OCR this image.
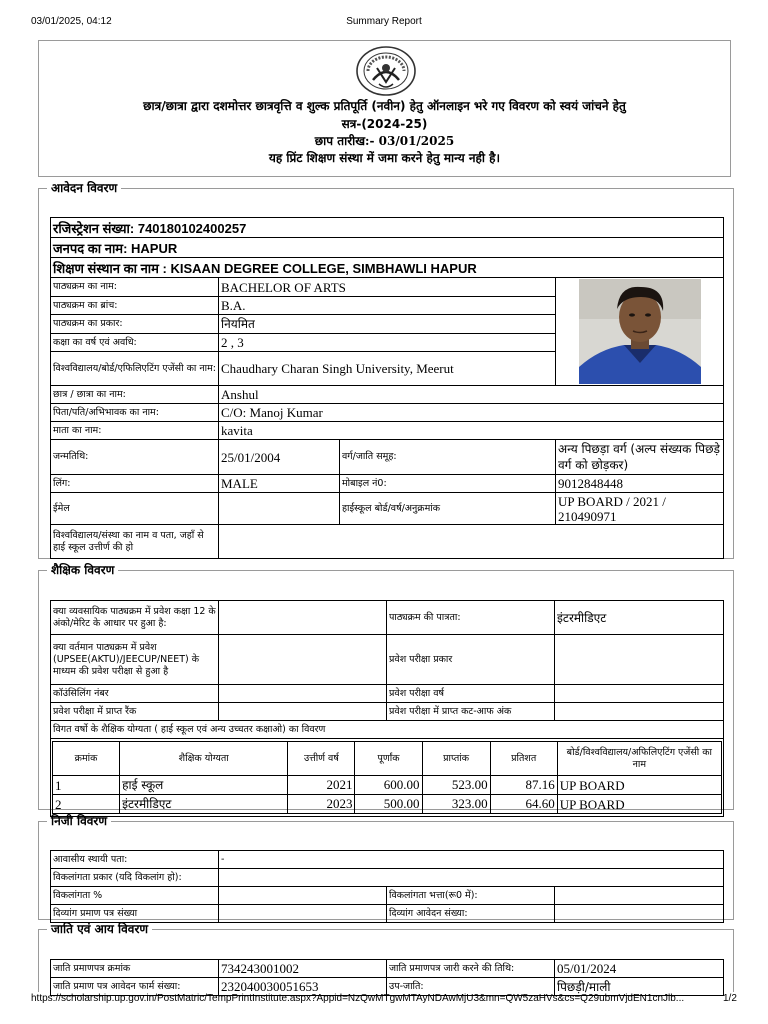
03/01/2025, 04:12	Summary Report
छात्र/छात्रा द्वारा दशमोत्तर छात्रवृत्ति व शुल्क प्रतिपूर्ति (नवीन) हेतु ऑनलाइन भरे गए विवरण को स्वयं जांचने हेतु
सत्र-(2024-25)
छाप तारीख:- 03/01/2025
यह प्रिंट शिक्षण संस्था में जमा करने हेतु मान्य नही है।
आवेदन विवरण
रजिस्ट्रेशन संख्या: 740180102400257			
जनपद का नाम: HAPUR			
शिक्षण संस्थान का नाम : KISAAN DEGREE COLLEGE, SIMBHAWLI HAPUR			
पाठ्यक्रम का नाम:	BACHELOR OF ARTS	

पाठ्यक्रम का ब्रांच:	B.A.		
पाठ्यक्रम का प्रकार:	नियमित		
कक्षा का वर्ष एवं अवधि:	2 , 3		
विश्वविद्यालय/बोर्ड/एफिलिएटिंग एजेंसी का नाम:	Chaudhary Charan Singh University, Meerut		
छात्र / छात्रा का नाम:	Anshul		
पिता/पति/अभिभावक का नाम:	C/O: Manoj Kumar		
माता का नाम:	kavita		
जन्मतिथि:	25/01/2004	वर्ग/जाति समूह:	अन्य पिछड़ा वर्ग (अल्प संख्यक पिछड़े वर्ग को छोड़कर)
लिंग:	MALE	मोबाइल नं0:	9012848448
ईमेल		हाईस्कूल बोर्ड/वर्ष/अनुक्रमांक	UP BOARD / 2021 / 210490971
विश्वविद्यालय/संस्था का नाम व पता, जहाँ से हाई स्कूल उत्तीर्ण की हो			
शैक्षिक विवरण
क्या व्यवसायिक पाठ्यक्रम में प्रवेश कक्षा 12 के अंको/मेरिट के आधार पर हुआ है:		पाठ्यक्रम की पात्रता:	इंटरमीडिएट
क्या वर्तमान पाठ्यक्रम में प्रवेश (UPSEE(AKTU)/JEECUP/NEET) के माध्यम की प्रवेश परीक्षा से हुआ है		प्रवेश परीक्षा प्रकार	
कॉउंसिलिंग नंबर		प्रवेश परीक्षा वर्ष	
प्रवेश परीक्षा में प्राप्त रैंक		प्रवेश परीक्षा में प्राप्त कट-आफ अंक	
विगत वर्षो के शैक्षिक योग्यता ( हाई स्कूल एवं अन्य उच्चतर कक्षाओ) का विवरण

क्रमांक	शैक्षिक योग्यता	उत्तीर्ण वर्ष	पूर्णांक	प्राप्तांक	प्रतिशत	बोर्ड/विश्वविद्यालय/अफिलिएटिंग एजेंसी का नाम
1	हाई स्कूल	2021	600.00	523.00	87.16	UP BOARD
2	इंटरमीडिएट	2023	500.00	323.00	64.60	UP BOARD
निजी विवरण
आवासीय स्थायी पता:	-		
विकलांगता प्रकार (यदि विकलांग हो):			
विकलांगता %		विकलांगता भत्ता(रू0 में):	
दिव्यांग प्रमाण पत्र संख्या		दिव्यांग आवेदन संख्या:	
जाति एवं आय विवरण
जाति प्रमाणपत्र क्रमांक	734243001002	जाति प्रमाणपत्र जारी करने की तिथि:	05/01/2024
जाति प्रमाण पत्र आवेदन फार्म संख्या:	232040030051653	उप-जाति:	पिछड़ी/माली
https://scholarship.up.gov.in/PostMatric/TempPrintInstitute.aspx?Appid=NzQwMTgwMTAyNDAwMjU3&mn=QW5zaHVs&cs=Q29ubmVjdEN1cnJlb...	1/2
